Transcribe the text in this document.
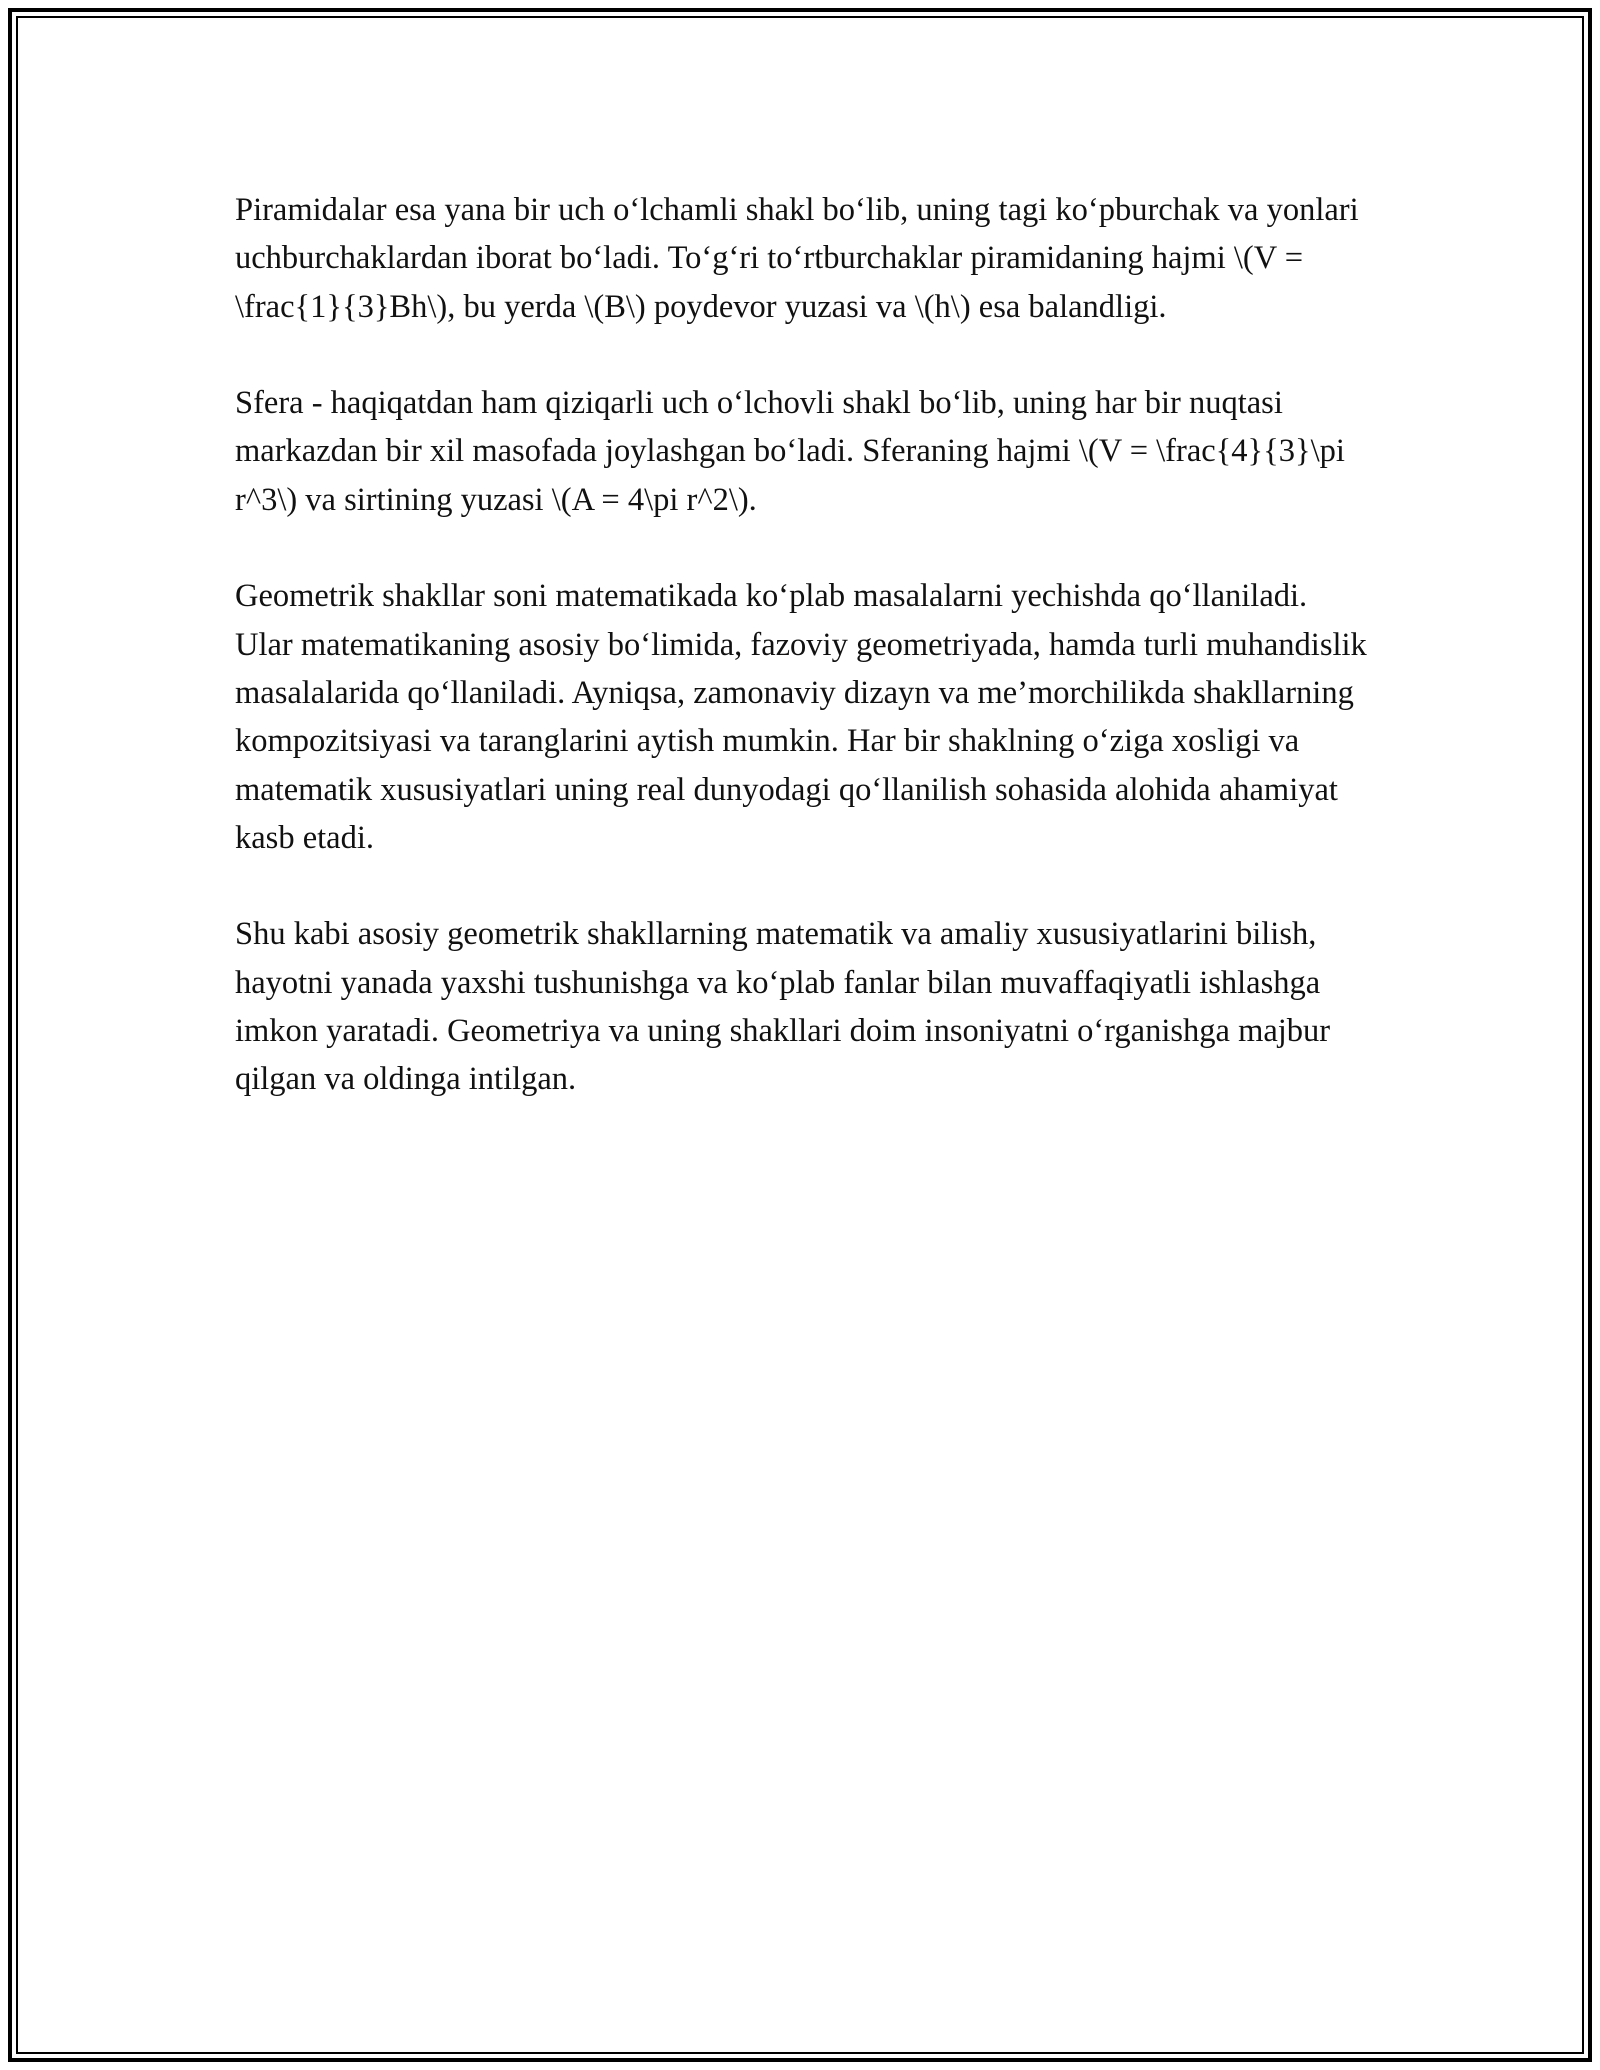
Piramidalar esa yana bir uch o‘lchamli shakl bo‘lib, uning tagi ko‘pburchak va yonlari uchburchaklardan iborat bo‘ladi. To‘g‘ri to‘rtburchaklar piramidaning hajmi \(V = \frac{1}{3}Bh\), bu yerda \(B\) poydevor yuzasi va \(h\) esa balandligi.

Sfera - haqiqatdan ham qiziqarli uch o‘lchovli shakl bo‘lib, uning har bir nuqtasi markazdan bir xil masofada joylashgan bo‘ladi. Sferaning hajmi \(V = \frac{4}{3}\pi r^3\) va sirtining yuzasi \(A = 4\pi r^2\).

Geometrik shakllar soni matematikada ko‘plab masalalarni yechishda qo‘llaniladi. Ular matematikaning asosiy bo‘limida, fazoviy geometriyada, hamda turli muhandislik masalalarida qo‘llaniladi. Ayniqsa, zamonaviy dizayn va me’morchilikda shakllarning kompozitsiyasi va taranglarini aytish mumkin. Har bir shaklning o‘ziga xosligi va matematik xususiyatlari uning real dunyodagi qo‘llanilish sohasida alohida ahamiyat kasb etadi.

Shu kabi asosiy geometrik shakllarning matematik va amaliy xususiyatlarini bilish, hayotni yanada yaxshi tushunishga va ko‘plab fanlar bilan muvaffaqiyatli ishlashga imkon yaratadi. Geometriya va uning shakllari doim insoniyatni o‘rganishga majbur qilgan va oldinga intilgan.
